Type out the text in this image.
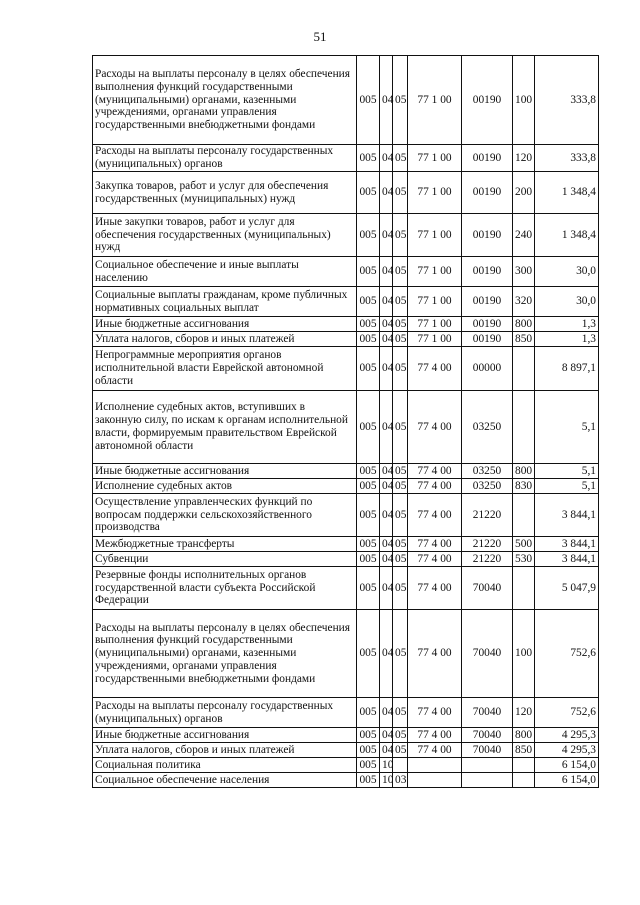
51
Расходы на выплаты персоналу в целях обеспечения выполнения функций государственными (муниципальными) органами, казенными учреждениями, органами управления государственными внебюджетными фондами	005	04	05	77 1 00	00190	100	333,8
Расходы на выплаты персоналу государственных (муниципальных) органов	005	04	05	77 1 00	00190	120	333,8
Закупка товаров, работ и услуг для обеспечения государственных (муниципальных) нужд	005	04	05	77 1 00	00190	200	1 348,4
Иные закупки товаров, работ и услуг для обеспечения государственных (муниципальных) нужд	005	04	05	77 1 00	00190	240	1 348,4
Социальное обеспечение и иные выплаты населению	005	04	05	77 1 00	00190	300	30,0
Социальные выплаты гражданам, кроме публичных нормативных социальных выплат	005	04	05	77 1 00	00190	320	30,0
Иные бюджетные ассигнования	005	04	05	77 1 00	00190	800	1,3
Уплата налогов, сборов и иных платежей	005	04	05	77 1 00	00190	850	1,3
Непрограммные мероприятия органов исполнительной власти Еврейской автономной области	005	04	05	77 4 00	00000		8 897,1
Исполнение судебных актов, вступивших в законную силу, по искам к органам исполнительной власти, формируемым правительством Еврейской автономной области	005	04	05	77 4 00	03250		5,1
Иные бюджетные ассигнования	005	04	05	77 4 00	03250	800	5,1
Исполнение судебных актов	005	04	05	77 4 00	03250	830	5,1
Осуществление управленческих функций по вопросам поддержки сельскохозяйственного производства	005	04	05	77 4 00	21220		3 844,1
Межбюджетные трансферты	005	04	05	77 4 00	21220	500	3 844,1
Субвенции	005	04	05	77 4 00	21220	530	3 844,1
Резервные фонды исполнительных органов государственной власти субъекта Российской Федерации	005	04	05	77 4 00	70040		5 047,9
Расходы на выплаты персоналу в целях обеспечения выполнения функций государственными (муниципальными) органами, казенными учреждениями, органами управления государственными внебюджетными фондами	005	04	05	77 4 00	70040	100	752,6
Расходы на выплаты персоналу государственных (муниципальных) органов	005	04	05	77 4 00	70040	120	752,6
Иные бюджетные ассигнования	005	04	05	77 4 00	70040	800	4 295,3
Уплата налогов, сборов и иных платежей	005	04	05	77 4 00	70040	850	4 295,3
Социальная политика	005	10					6 154,0
Социальное обеспечение населения	005	10	03				6 154,0
